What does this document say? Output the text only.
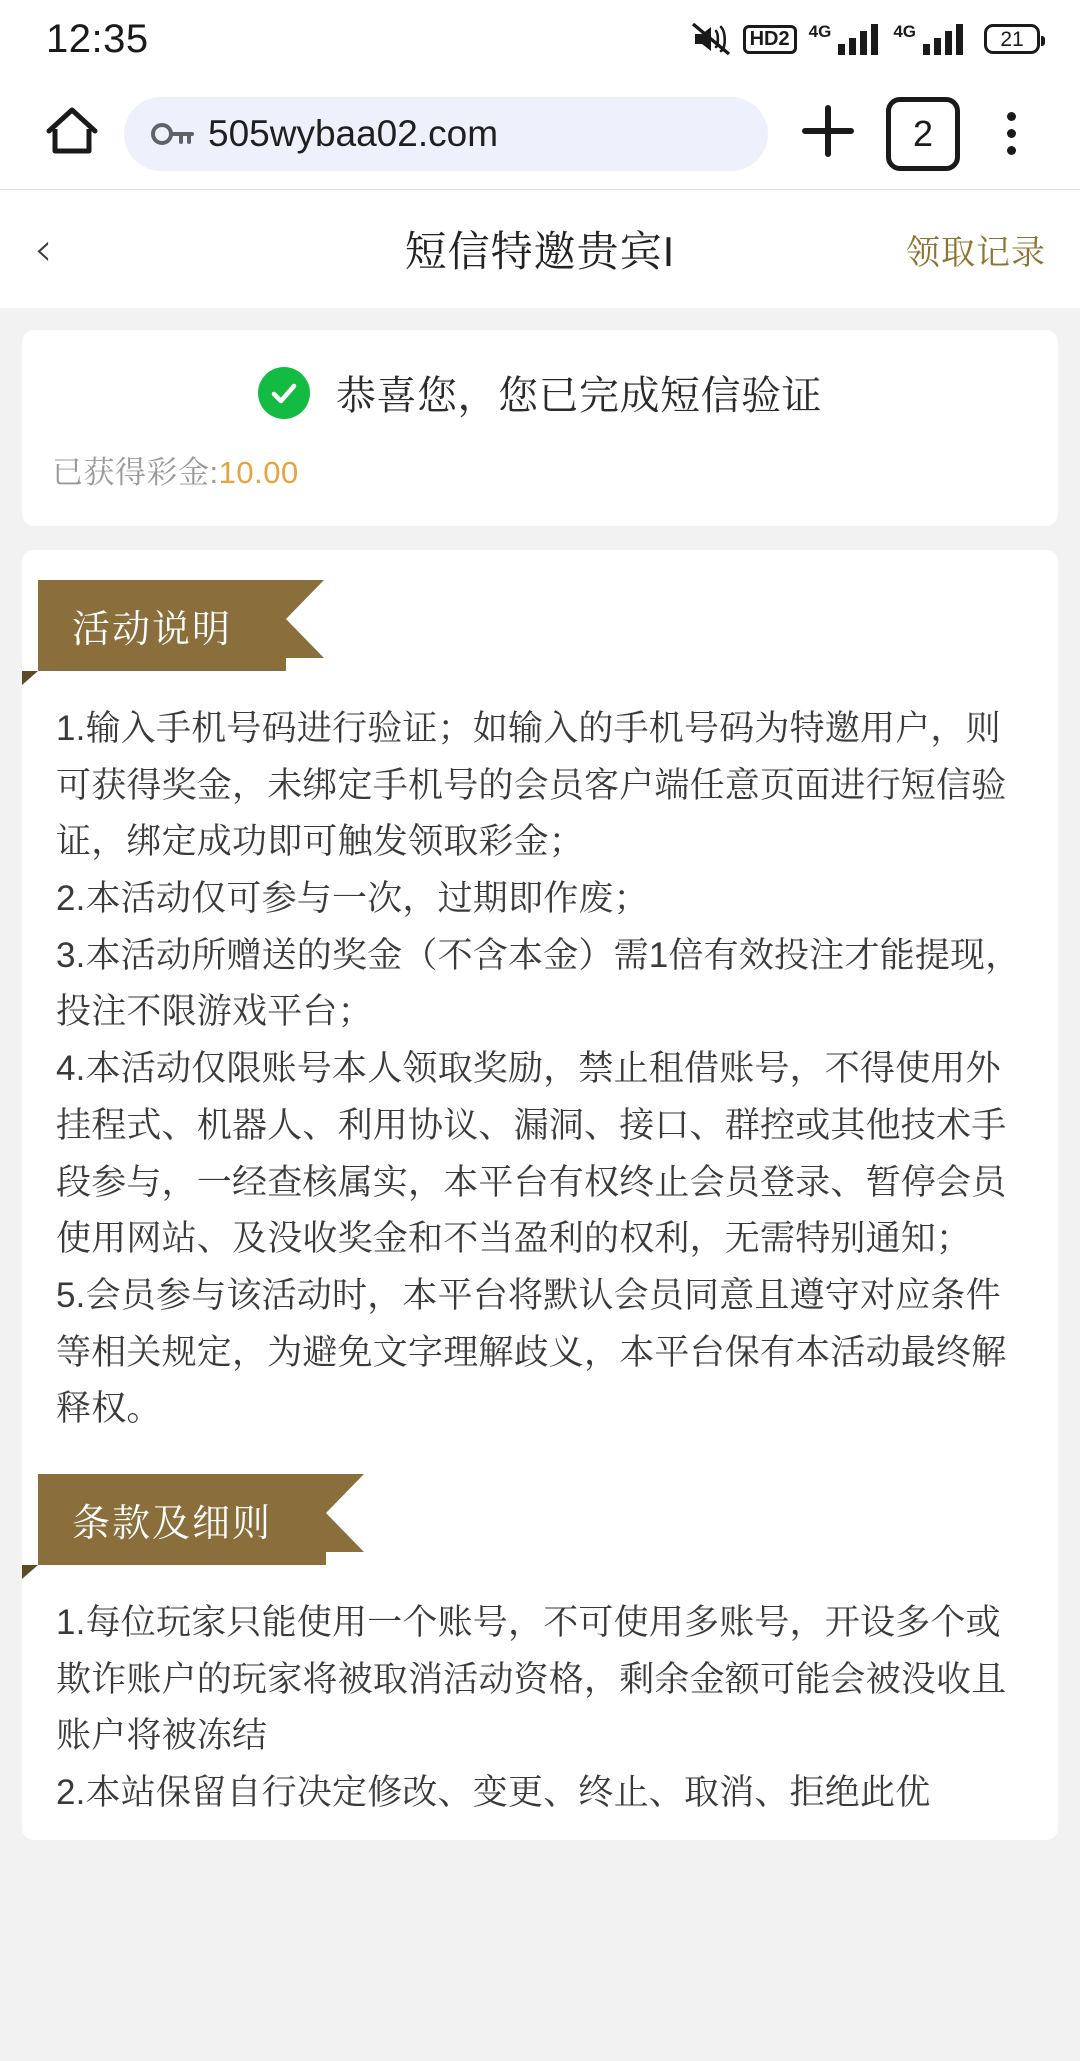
12:35	HD2	4G	4G	21
505wybaa02.com	2
‹	短信特邀贵宾I	领取记录
恭喜您，您已完成短信验证
已获得彩金:10.00
活动说明

1.输入手机号码进行验证；如输入的手机号码为特邀用户，则可获得奖金，未绑定手机号的会员客户端任意页面进行短信验证，绑定成功即可触发领取彩金；

2.本活动仅可参与一次，过期即作废；

3.本活动所赠送的奖金（不含本金）需1倍有效投注才能提现，投注不限游戏平台；

4.本活动仅限账号本人领取奖励，禁止租借账号，不得使用外挂程式、机器人、利用协议、漏洞、接口、群控或其他技术手段参与，一经查核属实，本平台有权终止会员登录、暂停会员使用网站、及没收奖金和不当盈利的权利，无需特别通知；

5.会员参与该活动时，本平台将默认会员同意且遵守对应条件等相关规定，为避免文字理解歧义，本平台保有本活动最终解释权。

条款及细则

1.每位玩家只能使用一个账号，不可使用多账号，开设多个或欺诈账户的玩家将被取消活动资格，剩余金额可能会被没收且账户将被冻结

2.本站保留自行决定修改、变更、终止、取消、拒绝此优
